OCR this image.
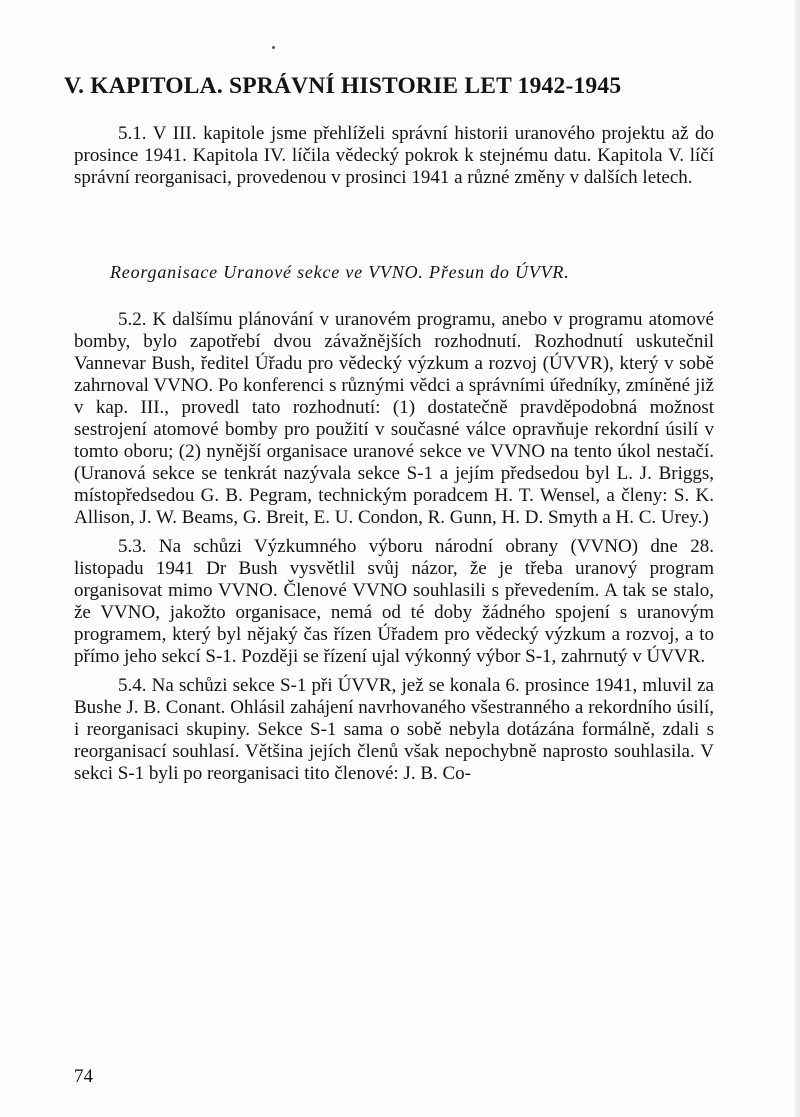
V. KAPITOLA. SPRÁVNÍ HISTORIE LET 1942-1945

5.1. V III. kapitole jsme přehlíželi správní historii uranového projektu až do prosince 1941. Kapitola IV. líčila vědecký pokrok k stejnému datu. Kapitola V. líčí správní reorganisaci, provedenou v prosinci 1941 a různé změny v dalších letech.

Reorganisace Uranové sekce ve VVNO. Přesun do ÚVVR.

5.2. K dalšímu plánování v uranovém programu, anebo v programu atomové bomby, bylo zapotřebí dvou závažnějších rozhodnutí. Rozhodnutí uskutečnil Vannevar Bush, ředitel Úřadu pro vědecký výzkum a rozvoj (ÚVVR), který v sobě zahrnoval VVNO. Po konferenci s různými vědci a správními úředníky, zmíněné již v kap. III., provedl tato rozhodnutí: (1) dostatečně pravděpodobná možnost sestrojení atomové bomby pro použití v současné válce opravňuje rekordní úsilí v tomto oboru; (2) nynější organisace uranové sekce ve VVNO na tento úkol nestačí. (Uranová sekce se tenkrát nazývala sekce S-1 a jejím předsedou byl L. J. Briggs, místopředsedou G. B. Pegram, technickým poradcem H. T. Wensel, a členy: S. K. Allison, J. W. Beams, G. Breit, E. U. Condon, R. Gunn, H. D. Smyth a H. C. Urey.)

5.3. Na schůzi Výzkumného výboru národní obrany (VVNO) dne 28. listopadu 1941 Dr Bush vysvětlil svůj názor, že je třeba uranový program organisovat mimo VVNO. Členové VVNO souhlasili s převedením. A tak se stalo, že VVNO, jakožto organisace, nemá od té doby žádného spojení s uranovým programem, který byl nějaký čas řízen Úřadem pro vědecký výzkum a rozvoj, a to přímo jeho sekcí S-1. Později se řízení ujal výkonný výbor S-1, zahrnutý v ÚVVR.

5.4. Na schůzi sekce S-1 při ÚVVR, jež se konala 6. prosince 1941, mluvil za Bushe J. B. Conant. Ohlásil zahájení navrhovaného všestranného a rekordního úsilí, i reorganisaci skupiny. Sekce S-1 sama o sobě nebyla dotázána formálně, zdali s reorganisací souhlasí. Většina jejích členů však nepochybně naprosto souhlasila. V sekci S-1 byli po reorganisaci tito členové: J. B. Co-

74
